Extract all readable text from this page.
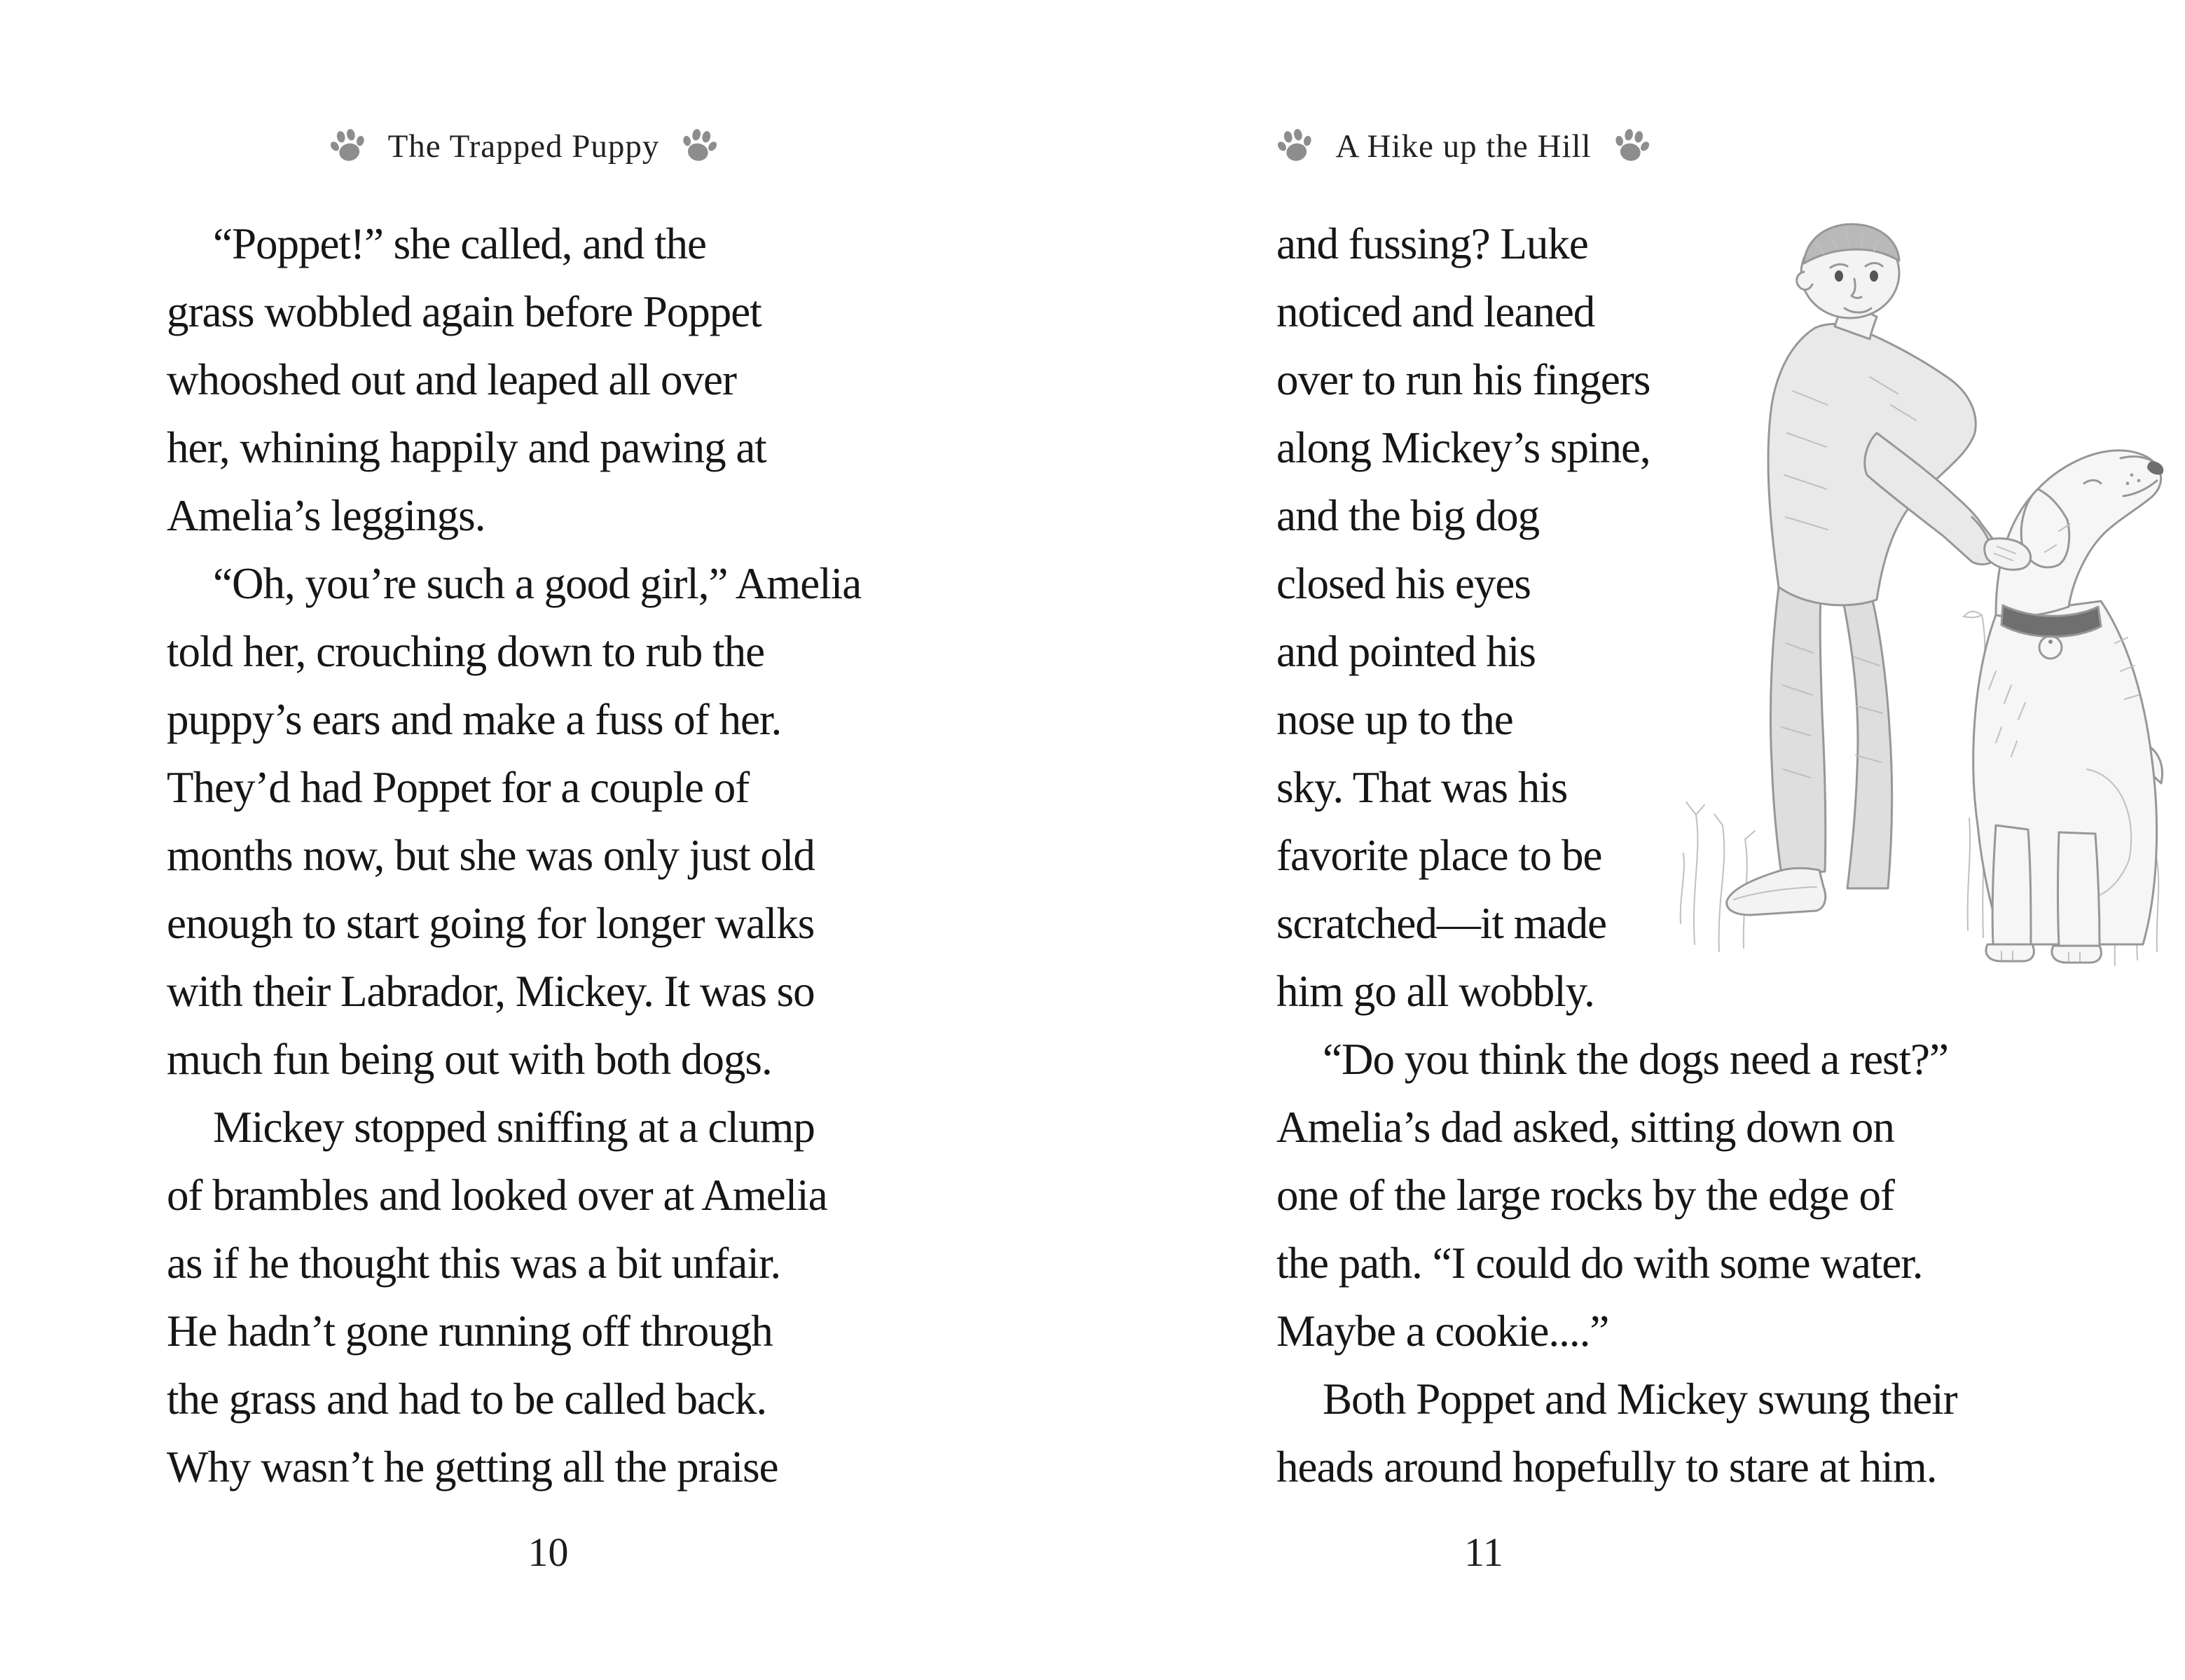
The Trapped Puppy
“Poppet!” she called, and the
grass wobbled again before Poppet
whooshed out and leaped all over
her, whining happily and pawing at
Amelia’s leggings.
“Oh, you’re such a good girl,” Amelia
told her, crouching down to rub the
puppy’s ears and make a fuss of her.
They’d had Poppet for a couple of
months now, but she was only just old
enough to start going for longer walks
with their Labrador, Mickey. It was so
much fun being out with both dogs.
Mickey stopped sniffing at a clump
of brambles and looked over at Amelia
as if he thought this was a bit unfair.
He hadn’t gone running off through
the grass and had to be called back.
Why wasn’t he getting all the praise
10
A Hike up the Hill
and fussing? Luke
noticed and leaned
over to run his fingers
along Mickey’s spine,
and the big dog
closed his eyes
and pointed his
nose up to the
sky. That was his
favorite place to be
scratched—it made
him go all wobbly.
“Do you think the dogs need a rest?”
Amelia’s dad asked, sitting down on
one of the large rocks by the edge of
the path. “I could do with some water.
Maybe a cookie....”
Both Poppet and Mickey swung their
heads around hopefully to stare at him.
11
